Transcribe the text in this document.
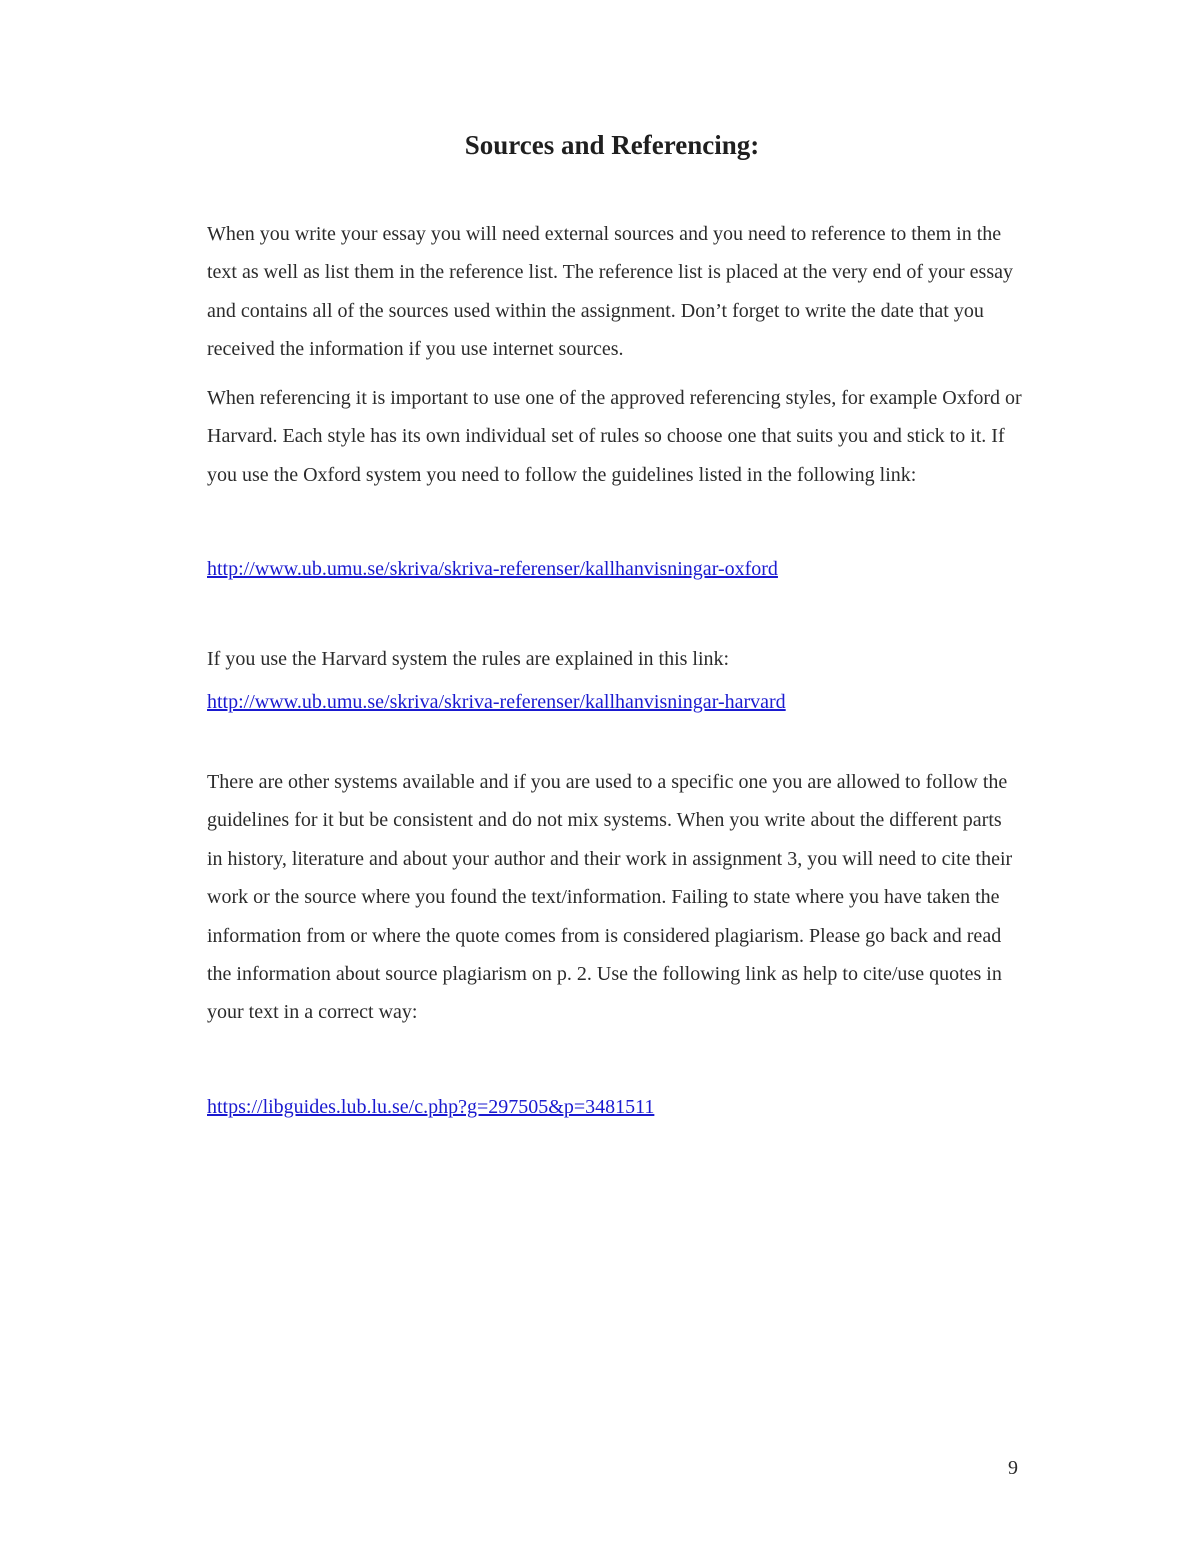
Sources and Referencing:

When you write your essay you will need external sources and you need to reference to them in the text as well as list them in the reference list. The reference list is placed at the very end of your essay and contains all of the sources used within the assignment. Don’t forget to write the date that you received the information if you use internet sources.

When referencing it is important to use one of the approved referencing styles, for example Oxford or Harvard. Each style has its own individual set of rules so choose one that suits you and stick to it. If you use the Oxford system you need to follow the guidelines listed in the following link:

http://www.ub.umu.se/skriva/skriva-referenser/kallhanvisningar-oxford

If you use the Harvard system the rules are explained in this link:

http://www.ub.umu.se/skriva/skriva-referenser/kallhanvisningar-harvard

There are other systems available and if you are used to a specific one you are allowed to follow the guidelines for it but be consistent and do not mix systems. When you write about the different parts in history, literature and about your author and their work in assignment 3, you will need to cite their work or the source where you found the text/information. Failing to state where you have taken the information from or where the quote comes from is considered plagiarism. Please go back and read the information about source plagiarism on p. 2. Use the following link as help to cite/use quotes in your text in a correct way:

https://libguides.lub.lu.se/c.php?g=297505&p=3481511
9
